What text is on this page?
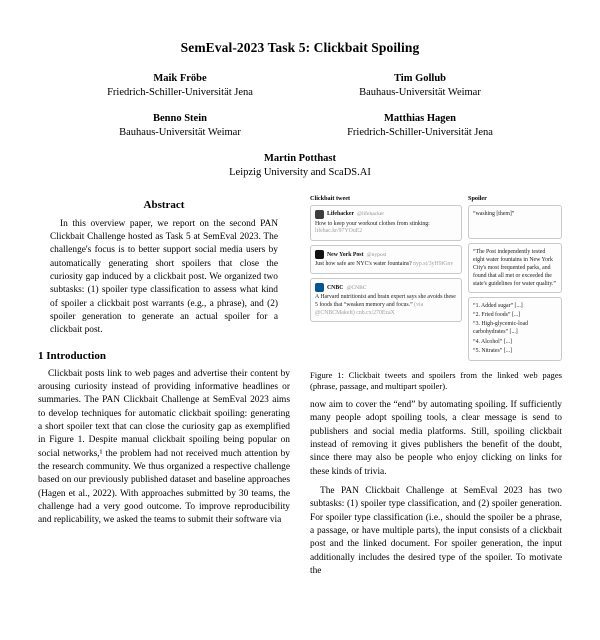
SemEval-2023 Task 5: Clickbait Spoiling
Maik Fröbe
Friedrich-Schiller-Universität Jena
Tim Gollub
Bauhaus-Universität Weimar
Benno Stein
Bauhaus-Universität Weimar
Matthias Hagen
Friedrich-Schiller-Universität Jena
Martin Potthast
Leipzig University and ScaDS.AI
Abstract

In this overview paper, we report on the second PAN Clickbait Challenge hosted as Task 5 at SemEval 2023. The challenge's focus is to better support social media users by automatically generating short spoilers that close the curiosity gap induced by a clickbait post. We organized two subtasks: (1) spoiler type classification to assess what kind of spoiler a clickbait post warrants (e.g., a phrase), and (2) spoiler generation to generate an actual spoiler for a clickbait post.

1 Introduction

Clickbait posts link to web pages and advertise their content by arousing curiosity instead of providing informative headlines or summaries. The PAN Clickbait Challenge at SemEval 2023 aims to develop techniques for automatic clickbait spoiling: generating a short spoiler text that can close the curiosity gap as exemplified in Figure 1. Despite manual clickbait spoiling being popular on social networks,¹ the problem had not received much attention by the research community. We thus organized a respective challenge based on our previously published dataset and baseline approaches (Hagen et al., 2022). With approaches submitted by 30 teams, the challenge had a very good outcome. To improve reproducibility and replicability, we asked the teams to submit their software via

Clickbait tweet
Lifehacker @lifehacker
How to keep your workout clothes from stinking: lifehac.kr/97YOuE2
New York Post @nypost
Just how safe are NYC's water fountains? nyp.st/3yH9iGnv
CNBC @CNBC
A Harvard nutritionist and brain expert says she avoids these 5 foods that “weaken memory and focus.” (via @CNBCMakeIt) cnb.cx/270EzaX
Spoiler
“washing [them]”
“The Post independently tested eight water fountains in New York City's most frequented parks, and found that all met or exceeded the state's guidelines for water quality.”
“1. Added sugar” [...]
“2. Fried foods” [...]
“3. High-glycemic-load carbohydrates” [...]
“4. Alcohol” [...]
“5. Nitrates” [...]
Figure 1: Clickbait tweets and spoilers from the linked web pages (phrase, passage, and multipart spoiler).

now aim to cover the “end” by automating spoiling. If sufficiently many people adopt spoiling tools, a clear message is send to publishers and social media platforms. Still, spoiling clickbait instead of removing it gives publishers the benefit of the doubt, since there may also be people who enjoy clicking on links for these kinds of trivia.

The PAN Clickbait Challenge at SemEval 2023 has two subtasks: (1) spoiler type classification, and (2) spoiler generation. For spoiler type classification (i.e., should the spoiler be a phrase, a passage, or have multiple parts), the input consists of a clickbait post and the linked document. For spoiler generation, the input additionally includes the desired type of the spoiler. To motivate the
